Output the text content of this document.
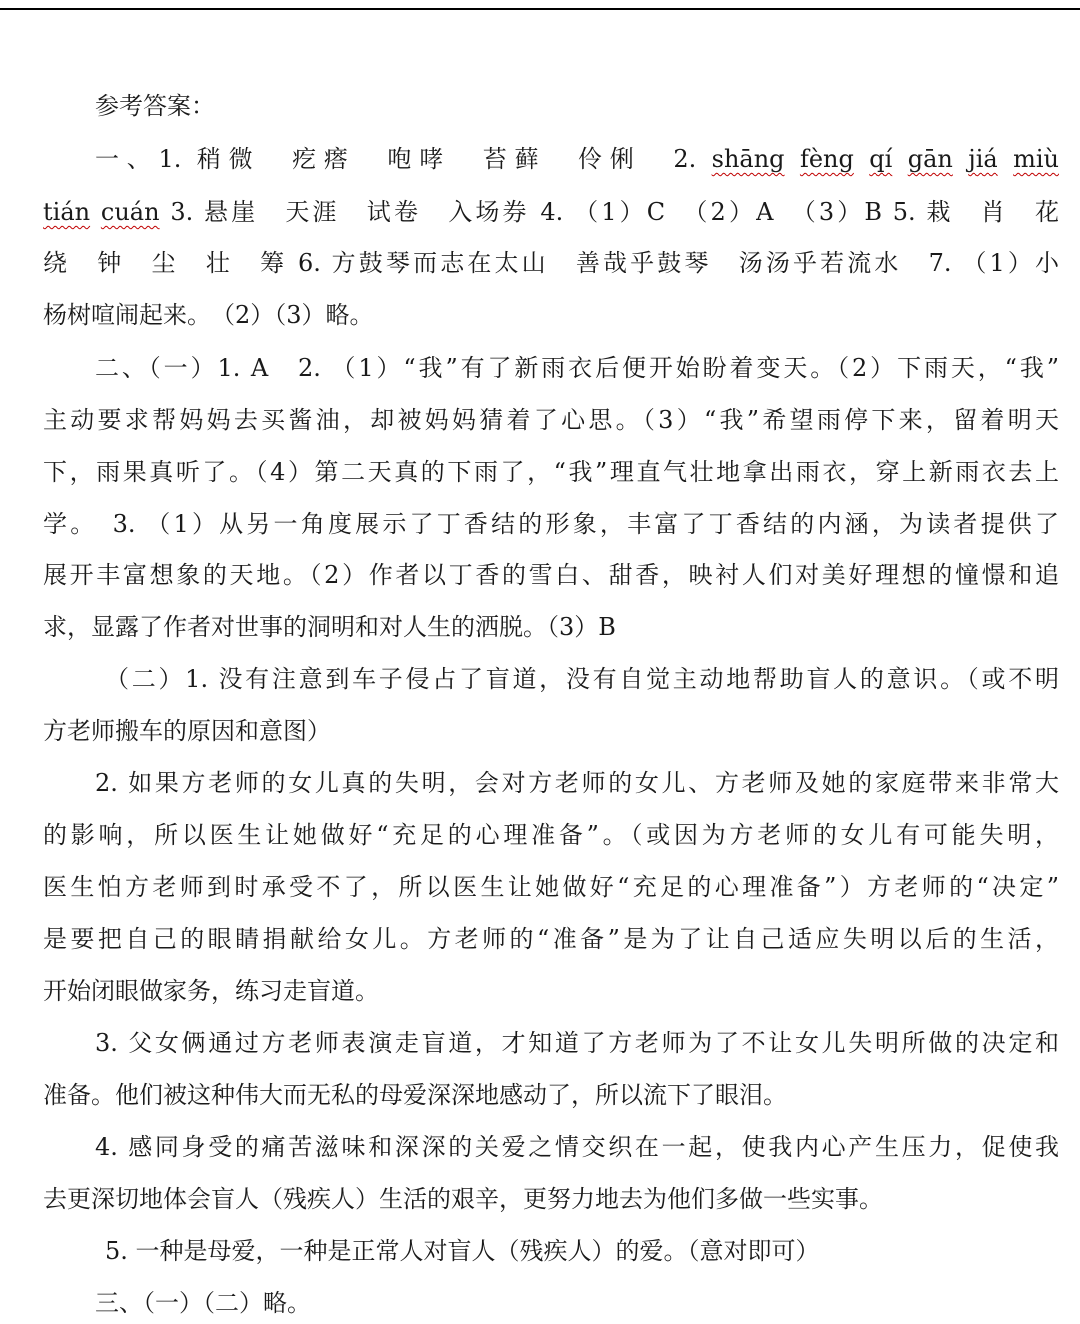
参考答案：
一、1. 稍微　疙瘩　咆哮　苔藓　伶俐　2. shāng fèng qí gān jiá miù
tián cuán 3. 悬崖　天涯　试卷　入场券 4. （1）C　（2）A　（3）B 5. 栽　肖　花
绕　钟　尘　壮　筹 6. 方鼓琴而志在太山　善哉乎鼓琴　汤汤乎若流水　7. （1）小
杨树喧闹起来。　（2）（3）略。
二、（一）1. A　2. （1）“我”有了新雨衣后便开始盼着变天。（2）下雨天，“我”
主动要求帮妈妈去买酱油，却被妈妈猜着了心思。（3）“我”希望雨停下来，留着明天
下，雨果真听了。（4）第二天真的下雨了，“我”理直气壮地拿出雨衣，穿上新雨衣去上
学。　3. （1）从另一角度展示了丁香结的形象，丰富了丁香结的内涵，为读者提供了
展开丰富想象的天地。（2）作者以丁香的雪白、甜香，映衬人们对美好理想的憧憬和追
求，显露了作者对世事的洞明和对人生的洒脱。（3）B
（二）1. 没有注意到车子侵占了盲道，没有自觉主动地帮助盲人的意识。（或不明
方老师搬车的原因和意图）
2. 如果方老师的女儿真的失明，会对方老师的女儿、方老师及她的家庭带来非常大
的影响，所以医生让她做好“充足的心理准备”。（或因为方老师的女儿有可能失明，
医生怕方老师到时承受不了，所以医生让她做好“充足的心理准备”）方老师的“决定”
是要把自己的眼睛捐献给女儿。方老师的“准备”是为了让自己适应失明以后的生活，
开始闭眼做家务，练习走盲道。
3. 父女俩通过方老师表演走盲道，才知道了方老师为了不让女儿失明所做的决定和
准备。他们被这种伟大而无私的母爱深深地感动了，所以流下了眼泪。
4. 感同身受的痛苦滋味和深深的关爱之情交织在一起，使我内心产生压力，促使我
去更深切地体会盲人（残疾人）生活的艰辛，更努力地去为他们多做一些实事。
5. 一种是母爱，一种是正常人对盲人（残疾人）的爱。（意对即可）
三、（一）（二）略。
